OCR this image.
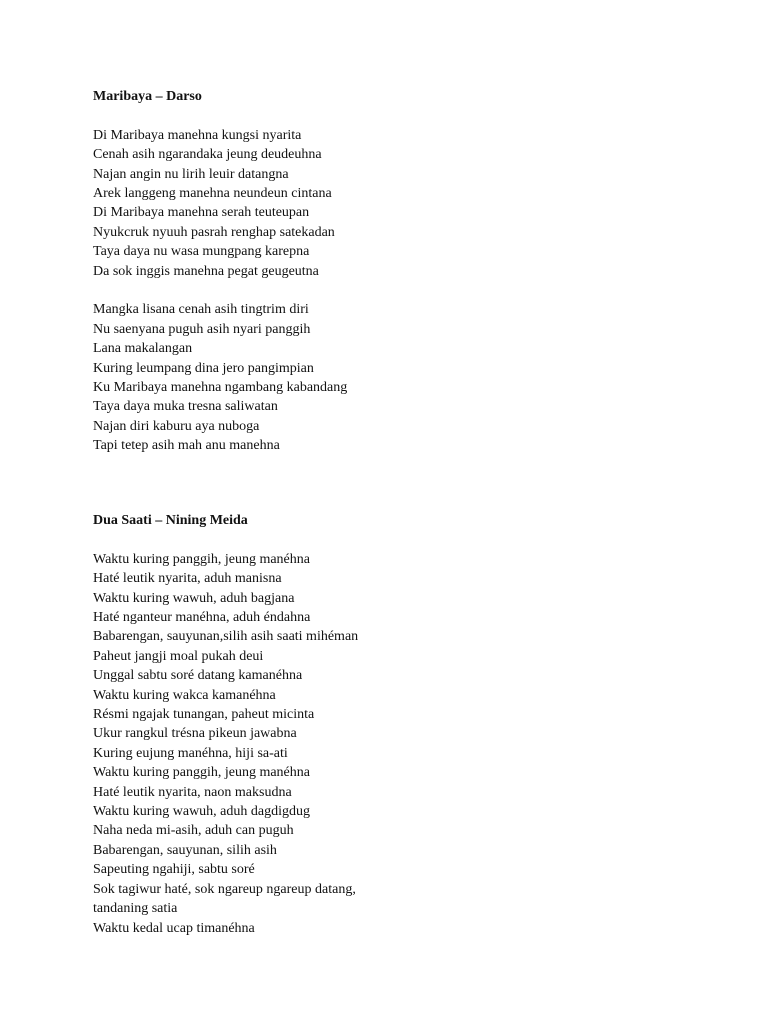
Maribaya – Darso
Di Maribaya manehna kungsi nyarita
Cenah asih ngarandaka jeung deudeuhna
Najan angin nu lirih leuir datangna
Arek langgeng manehna neundeun cintana
Di Maribaya manehna serah teuteupan
Nyukcruk nyuuh pasrah renghap satekadan
Taya daya nu wasa mungpang karepna
Da sok inggis manehna pegat geugeutna
Mangka lisana cenah asih tingtrim diri
Nu saenyana puguh asih nyari panggih
Lana makalangan
Kuring leumpang dina jero pangimpian
Ku Maribaya manehna ngambang kabandang
Taya daya muka tresna saliwatan
Najan diri kaburu aya nuboga
Tapi tetep asih mah anu manehna
Dua Saati – Nining Meida
Waktu kuring panggih, jeung manéhna
Haté leutik nyarita, aduh manisna
Waktu kuring wawuh, aduh bagjana
Haté nganteur manéhna, aduh éndahna
Babarengan, sauyunan,silih asih saati mihéman
Paheut jangji moal pukah deui
Unggal sabtu soré datang kamanéhna
Waktu kuring wakca kamanéhna
Résmi ngajak tunangan, paheut micinta
Ukur rangkul trésna pikeun jawabna
Kuring eujung manéhna, hiji sa-ati
Waktu kuring panggih, jeung manéhna
Haté leutik nyarita, naon maksudna
Waktu kuring wawuh, aduh dagdigdug
Naha neda mi-asih, aduh can puguh
Babarengan, sauyunan, silih asih
Sapeuting ngahiji, sabtu soré
Sok tagiwur haté, sok ngareup ngareup datang,
tandaning satia
Waktu kedal ucap timanéhna
